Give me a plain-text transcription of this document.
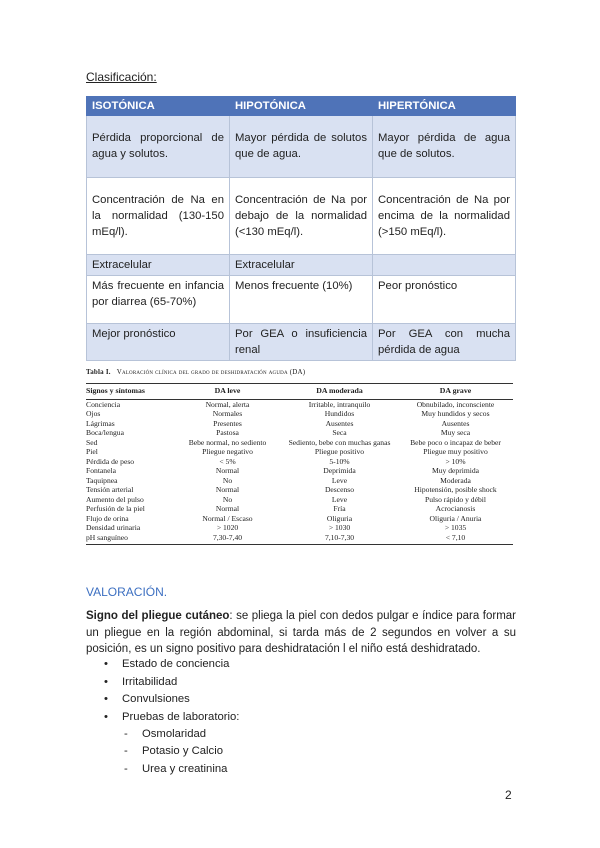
Clasificación:
ISOTÓNICA	HIPOTÓNICA	HIPERTÓNICA
Pérdida proporcional de agua y solutos.	Mayor pérdida de solutos que de agua.	Mayor pérdida de agua que de solutos.
Concentración de Na en la normalidad (130-150 mEq/l).	Concentración de Na por debajo de la normalidad (<130 mEq/l).	Concentración de Na por encima de la normalidad (>150 mEq/l).
Extracelular	Extracelular	
Más frecuente en infancia por diarrea (65-70%)	Menos frecuente (10%)	Peor pronóstico
Mejor pronóstico	Por GEA o insuficiencia renal	Por GEA con mucha pérdida de agua
Tabla I. Valoración clínica del grado de deshidratación aguda (DA)
Signos y síntomas	DA leve	DA moderada	DA grave
Conciencia	Normal, alerta	Irritable, intranquilo	Obnubilado, inconsciente
Ojos	Normales	Hundidos	Muy hundidos y secos
Lágrimas	Presentes	Ausentes	Ausentes
Boca/lengua	Pastosa	Seca	Muy seca
Sed	Bebe normal, no sediento	Sediento, bebe con muchas ganas	Bebe poco o incapaz de beber
Piel	Pliegue negativo	Pliegue positivo	Pliegue muy positivo
Pérdida de peso	< 5%	5-10%	> 10%
Fontanela	Normal	Deprimida	Muy deprimida
Taquipnea	No	Leve	Moderada
Tensión arterial	Normal	Descenso	Hipotensión, posible shock
Aumento del pulso	No	Leve	Pulso rápido y débil
Perfusión de la piel	Normal	Fría	Acrocianosis
Flujo de orina	Normal / Escaso	Oliguria	Oliguria / Anuria
Densidad urinaria	> 1020	> 1030	> 1035
pH sanguíneo	7,30-7,40	7,10-7,30	< 7,10
VALORACIÓN.
Signo del pliegue cutáneo: se pliega la piel con dedos pulgar e índice para formar un pliegue en la región abdominal, si tarda más de 2 segundos en volver a su posición, es un signo positivo para deshidratación l el niño está deshidratado.
• Estado de conciencia
• Irritabilidad
• Convulsiones
• Pruebas de laboratorio:
- Osmolaridad
- Potasio y Calcio
- Urea y creatinina
2
